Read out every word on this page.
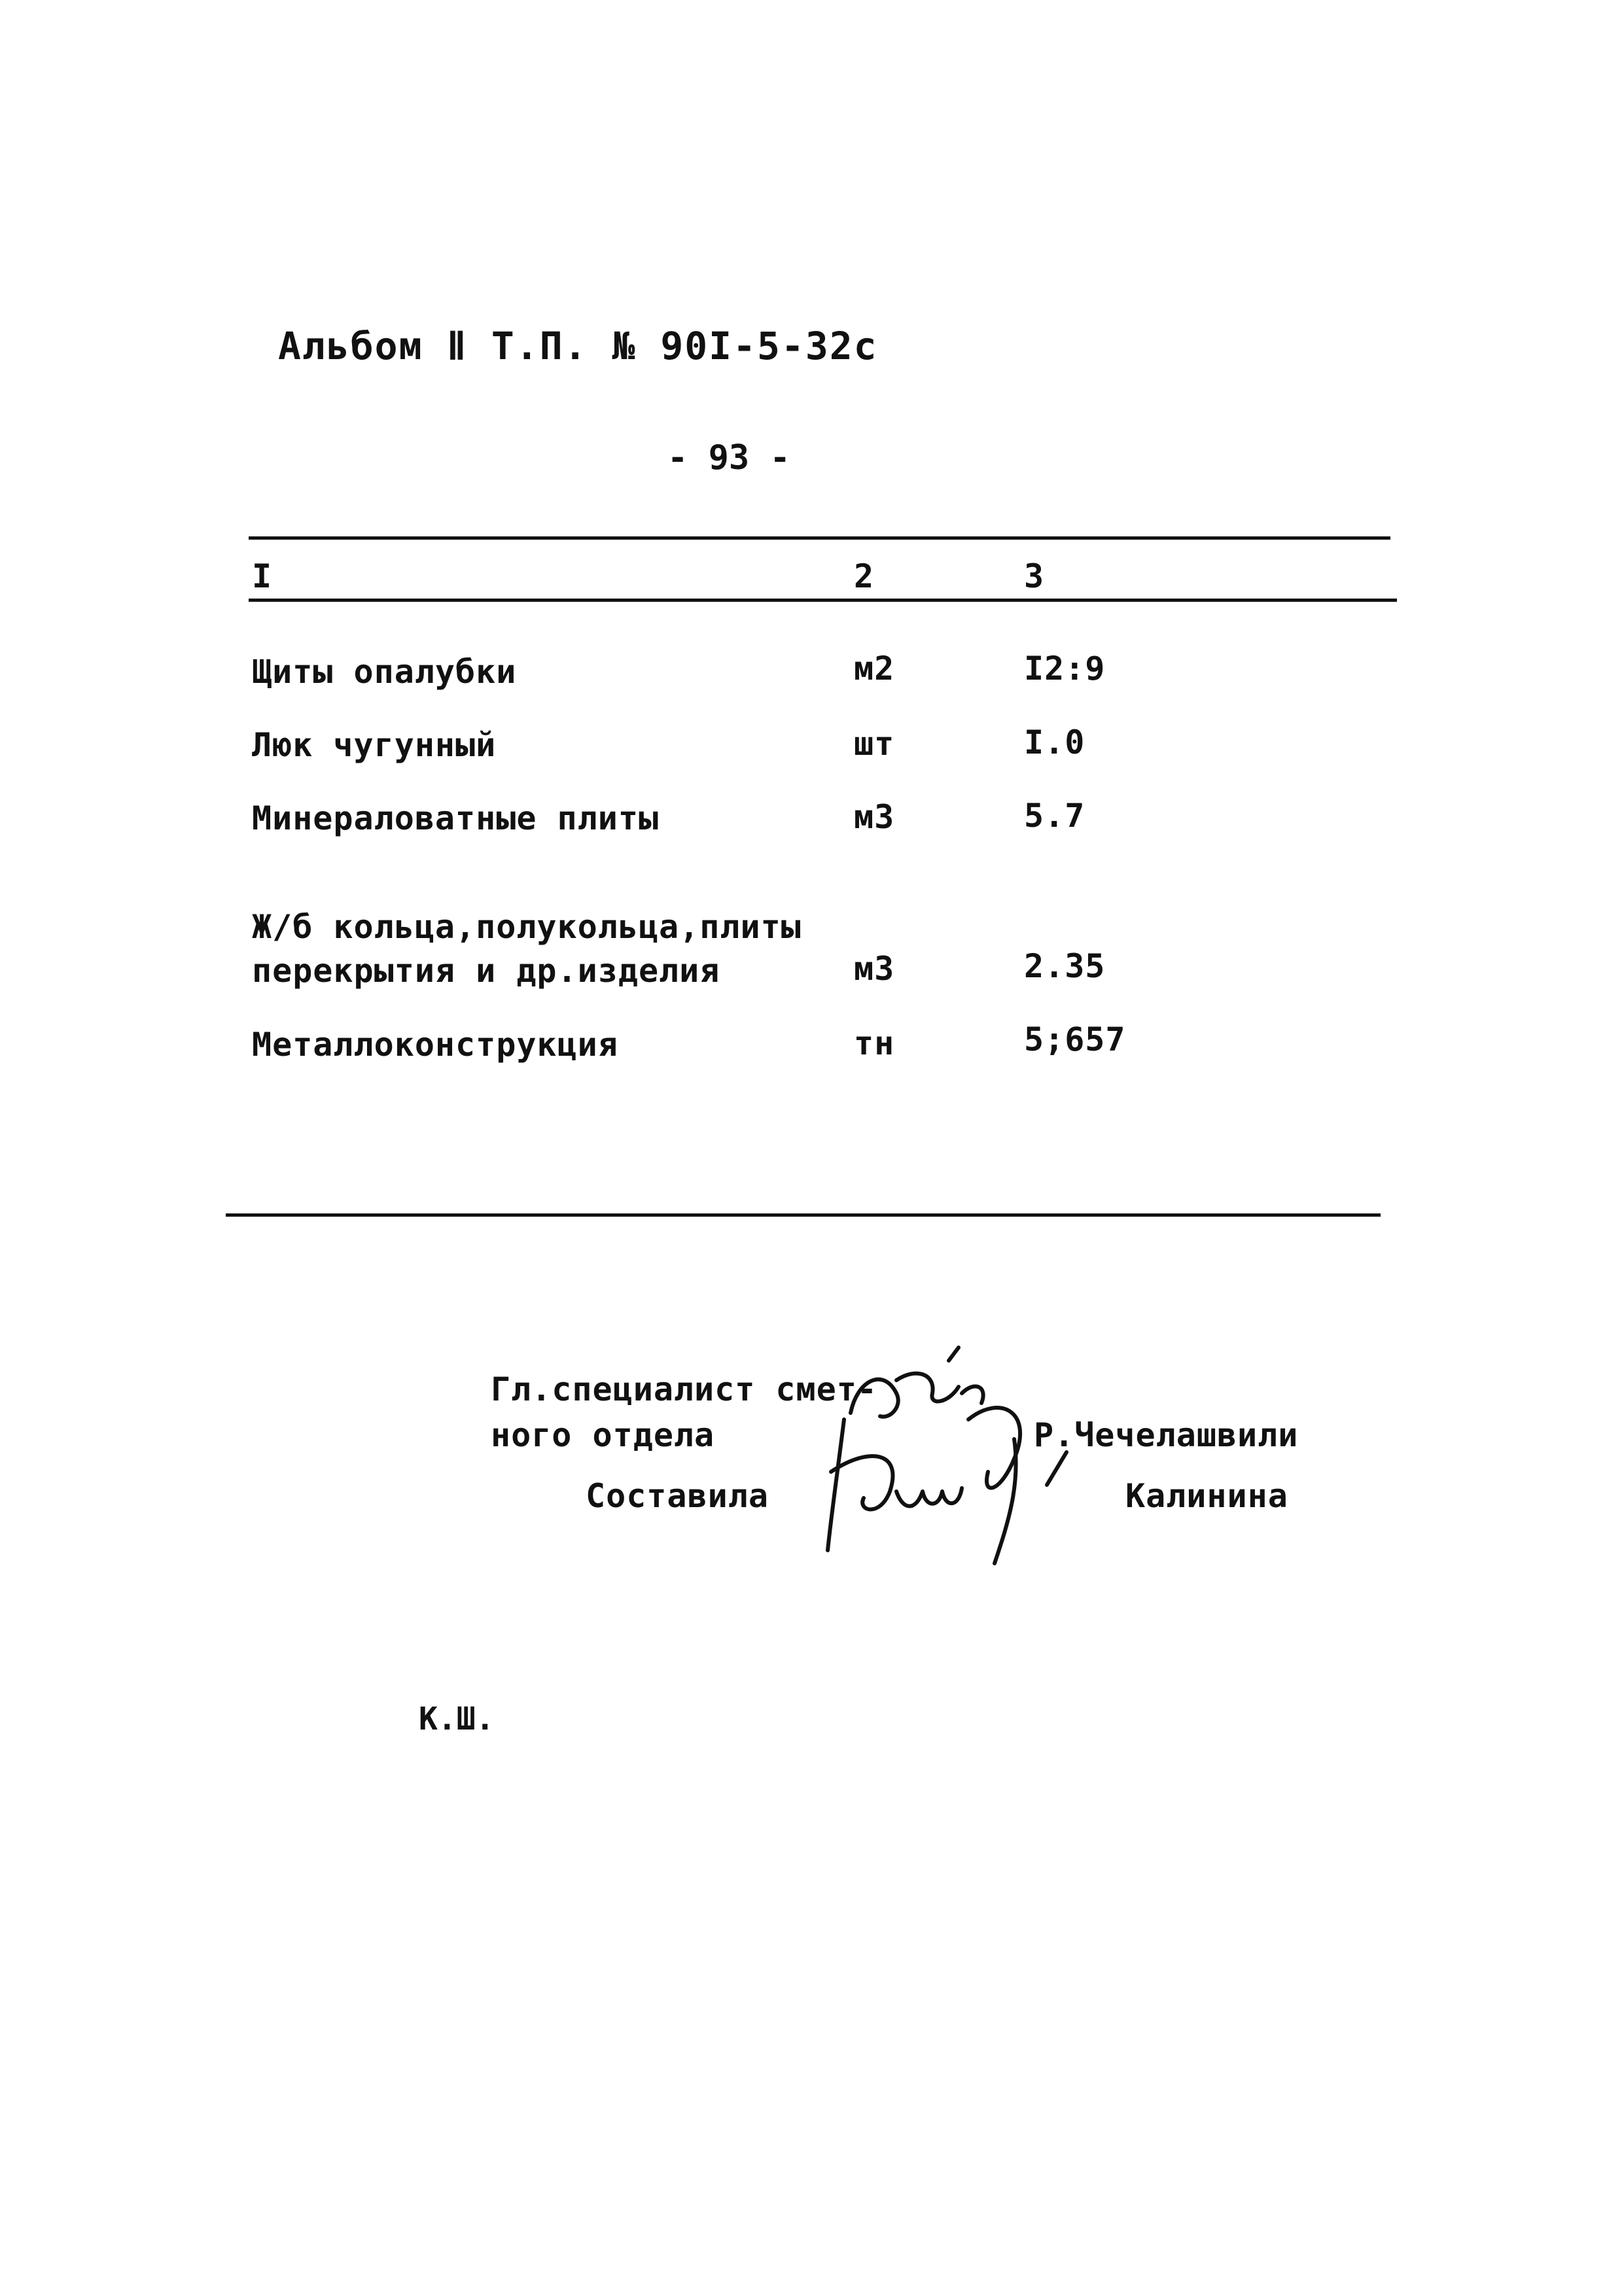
Альбом Ⅱ Т.П. № 90I-5-32с
- 93 -
I	2	3
Щиты опалубки	м2	I2:9
Люк чугунный	шт	I.0
Минераловатные плиты	м3	5.7
Ж/б кольца,полукольца,плиты
перекрытия и др.изделия	м3	2.35
Металлоконструкция	тн	5;657
Гл.специалист смет-
ного отдела	Р.Чечелашвили
Составила	Калинина
К.Ш.
